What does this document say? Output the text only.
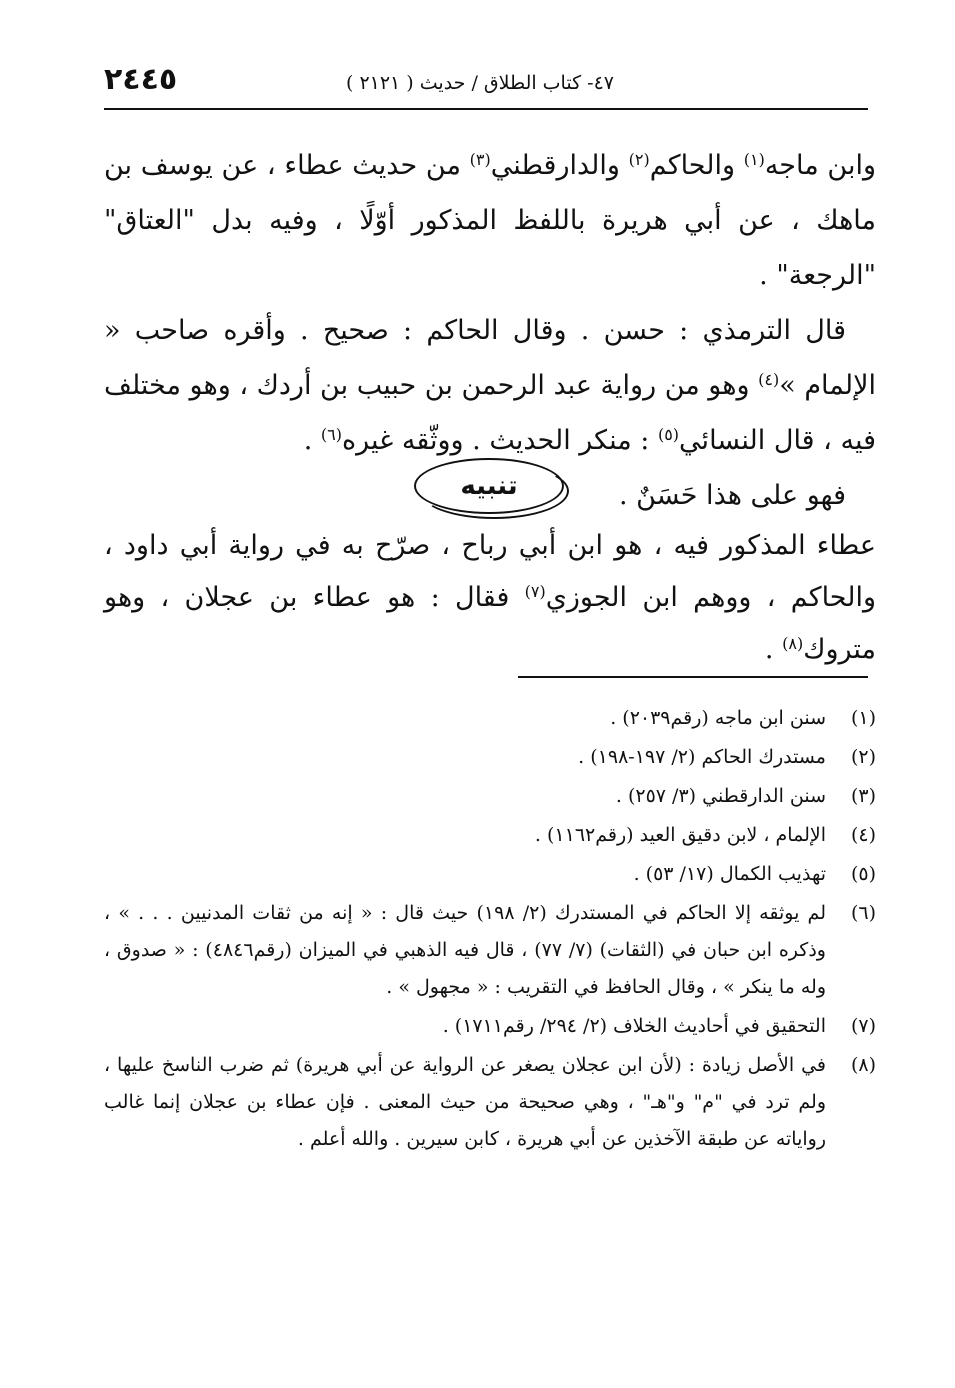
٢٤٤٥	٤٧- كتاب الطلاق / حديث ( ٢١٢١ )

وابن ماجه$^{(١)}$ والحاكم$^{(٢)}$ والدارقطني$^{(٣)}$ من حديث عطاء ، عن يوسف بن ماهك ، عن أبي هريرة باللفظ المذكور أوّلًا ، وفيه بدل "العتاق" "الرجعة" .

قال الترمذي : حسن . وقال الحاكم : صحيح . وأقره صاحب « الإلمام »$^{(٤)}$ وهو من رواية عبد الرحمن بن حبيب بن أردك ، وهو مختلف فيه ، قال النسائي$^{(٥)}$ : منكر الحديث . ووثّقه غيره$^{(٦)}$ .

فهو على هذا حَسَنٌ .

تنبيه

عطاء المذكور فيه ، هو ابن أبي رباح ، صرّح به في رواية أبي داود ، والحاكم ، ووهم ابن الجوزي$^{(٧)}$ فقال : هو عطاء بن عجلان ، وهو متروك$^{(٨)}$ .

(١)
سنن ابن ماجه (رقم٢٠٣٩) .
(٢)
مستدرك الحاكم (٢/ ١٩٧-١٩٨) .
(٣)
سنن الدارقطني (٣/ ٢٥٧) .
(٤)
الإلمام ، لابن دقيق العيد (رقم١١٦٢) .
(٥)
تهذيب الكمال (١٧/ ٥٣) .
(٦)
لم يوثقه إلا الحاكم في المستدرك (٢/ ١٩٨) حيث قال : « إنه من ثقات المدنيين . . . » ، وذكره ابن حبان في (الثقات) (٧/ ٧٧) ، قال فيه الذهبي في الميزان (رقم٤٨٤٦) : « صدوق ، وله ما ينكر » ، وقال الحافظ في التقريب : « مجهول » .
(٧)
التحقيق في أحاديث الخلاف (٢/ ٢٩٤/ رقم١٧١١) .
(٨)
في الأصل زيادة : (لأن ابن عجلان يصغر عن الرواية عن أبي هريرة) ثم ضرب الناسخ عليها ، ولم ترد في "م" و"هـ" ، وهي صحيحة من حيث المعنى . فإن عطاء بن عجلان إنما غالب رواياته عن طبقة الآخذين عن أبي هريرة ، كابن سيرين . والله أعلم .
